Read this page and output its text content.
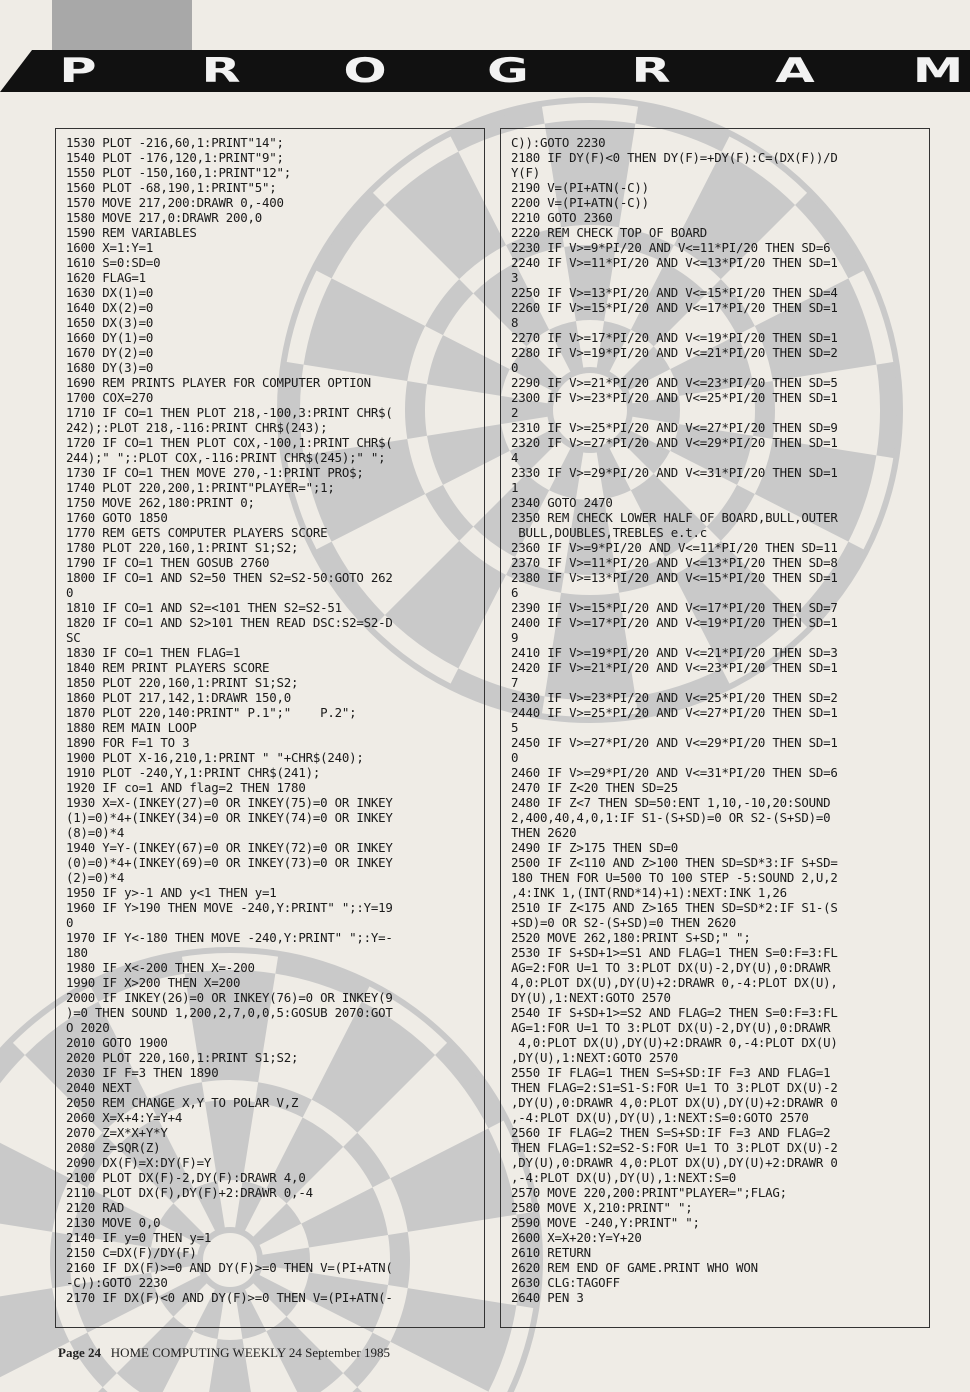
P	R	O	G	R	A	M
1530 PLOT -216,60,1:PRINT"14";
1540 PLOT -176,120,1:PRINT"9";
1550 PLOT -150,160,1:PRINT"12";
1560 PLOT -68,190,1:PRINT"5";
1570 MOVE 217,200:DRAWR 0,-400
1580 MOVE 217,0:DRAWR 200,0
1590 REM VARIABLES
1600 X=1:Y=1
1610 S=0:SD=0
1620 FLAG=1
1630 DX(1)=0
1640 DX(2)=0
1650 DX(3)=0
1660 DY(1)=0
1670 DY(2)=0
1680 DY(3)=0
1690 REM PRINTS PLAYER FOR COMPUTER OPTION
1700 COX=270
1710 IF CO=1 THEN PLOT 218,-100,3:PRINT CHR$(
242);:PLOT 218,-116:PRINT CHR$(243);
1720 IF CO=1 THEN PLOT COX,-100,1:PRINT CHR$(
244);" ";:PLOT COX,-116:PRINT CHR$(245);" ";
1730 IF CO=1 THEN MOVE 270,-1:PRINT PRO$;
1740 PLOT 220,200,1:PRINT"PLAYER=";1;
1750 MOVE 262,180:PRINT 0;
1760 GOTO 1850
1770 REM GETS COMPUTER PLAYERS SCORE
1780 PLOT 220,160,1:PRINT S1;S2;
1790 IF CO=1 THEN GOSUB 2760
1800 IF CO=1 AND S2=50 THEN S2=S2-50:GOTO 262
0
1810 IF CO=1 AND S2=<101 THEN S2=S2-51
1820 IF CO=1 AND S2>101 THEN READ DSC:S2=S2-D
SC
1830 IF CO=1 THEN FLAG=1
1840 REM PRINT PLAYERS SCORE
1850 PLOT 220,160,1:PRINT S1;S2;
1860 PLOT 217,142,1:DRAWR 150,0
1870 PLOT 220,140:PRINT" P.1";"    P.2";
1880 REM MAIN LOOP
1890 FOR F=1 TO 3
1900 PLOT X-16,210,1:PRINT " "+CHR$(240);
1910 PLOT -240,Y,1:PRINT CHR$(241);
1920 IF co=1 AND flag=2 THEN 1780
1930 X=X-(INKEY(27)=0 OR INKEY(75)=0 OR INKEY
(1)=0)*4+(INKEY(34)=0 OR INKEY(74)=0 OR INKEY
(8)=0)*4
1940 Y=Y-(INKEY(67)=0 OR INKEY(72)=0 OR INKEY
(0)=0)*4+(INKEY(69)=0 OR INKEY(73)=0 OR INKEY
(2)=0)*4
1950 IF y>-1 AND y<1 THEN y=1
1960 IF Y>190 THEN MOVE -240,Y:PRINT" ";:Y=19
0
1970 IF Y<-180 THEN MOVE -240,Y:PRINT" ";:Y=-
180
1980 IF X<-200 THEN X=-200
1990 IF X>200 THEN X=200
2000 IF INKEY(26)=0 OR INKEY(76)=0 OR INKEY(9
)=0 THEN SOUND 1,200,2,7,0,0,5:GOSUB 2070:GOT
O 2020
2010 GOTO 1900
2020 PLOT 220,160,1:PRINT S1;S2;
2030 IF F=3 THEN 1890
2040 NEXT
2050 REM CHANGE X,Y TO POLAR V,Z
2060 X=X+4:Y=Y+4
2070 Z=X*X+Y*Y
2080 Z=SQR(Z)
2090 DX(F)=X:DY(F)=Y
2100 PLOT DX(F)-2,DY(F):DRAWR 4,0
2110 PLOT DX(F),DY(F)+2:DRAWR 0,-4
2120 RAD
2130 MOVE 0,0
2140 IF y=0 THEN y=1
2150 C=DX(F)/DY(F)
2160 IF DX(F)>=0 AND DY(F)>=0 THEN V=(PI+ATN(
-C)):GOTO 2230
2170 IF DX(F)<0 AND DY(F)>=0 THEN V=(PI+ATN(-
C)):GOTO 2230
2180 IF DY(F)<0 THEN DY(F)=+DY(F):C=(DX(F))/D
Y(F)
2190 V=(PI+ATN(-C))
2200 V=(PI+ATN(-C))
2210 GOTO 2360
2220 REM CHECK TOP OF BOARD
2230 IF V>=9*PI/20 AND V<=11*PI/20 THEN SD=6
2240 IF V>=11*PI/20 AND V<=13*PI/20 THEN SD=1
3
2250 IF V>=13*PI/20 AND V<=15*PI/20 THEN SD=4
2260 IF V>=15*PI/20 AND V<=17*PI/20 THEN SD=1
8
2270 IF V>=17*PI/20 AND V<=19*PI/20 THEN SD=1
2280 IF V>=19*PI/20 AND V<=21*PI/20 THEN SD=2
0
2290 IF V>=21*PI/20 AND V<=23*PI/20 THEN SD=5
2300 IF V>=23*PI/20 AND V<=25*PI/20 THEN SD=1
2
2310 IF V>=25*PI/20 AND V<=27*PI/20 THEN SD=9
2320 IF V>=27*PI/20 AND V<=29*PI/20 THEN SD=1
4
2330 IF V>=29*PI/20 AND V<=31*PI/20 THEN SD=1
1
2340 GOTO 2470
2350 REM CHECK LOWER HALF OF BOARD,BULL,OUTER
BULL,DOUBLES,TREBLES e.t.c
2360 IF V>=9*PI/20 AND V<=11*PI/20 THEN SD=11
2370 IF V>=11*PI/20 AND V<=13*PI/20 THEN SD=8
2380 IF V>=13*PI/20 AND V<=15*PI/20 THEN SD=1
6
2390 IF V>=15*PI/20 AND V<=17*PI/20 THEN SD=7
2400 IF V>=17*PI/20 AND V<=19*PI/20 THEN SD=1
9
2410 IF V>=19*PI/20 AND V<=21*PI/20 THEN SD=3
2420 IF V>=21*PI/20 AND V<=23*PI/20 THEN SD=1
7
2430 IF V>=23*PI/20 AND V<=25*PI/20 THEN SD=2
2440 IF V>=25*PI/20 AND V<=27*PI/20 THEN SD=1
5
2450 IF V>=27*PI/20 AND V<=29*PI/20 THEN SD=1
0
2460 IF V>=29*PI/20 AND V<=31*PI/20 THEN SD=6
2470 IF Z<20 THEN SD=25
2480 IF Z<7 THEN SD=50:ENT 1,10,-10,20:SOUND
2,400,40,4,0,1:IF S1-(S+SD)=0 OR S2-(S+SD)=0
THEN 2620
2490 IF Z>175 THEN SD=0
2500 IF Z<110 AND Z>100 THEN SD=SD*3:IF S+SD=
180 THEN FOR U=500 TO 100 STEP -5:SOUND 2,U,2
,4:INK 1,(INT(RND*14)+1):NEXT:INK 1,26
2510 IF Z<175 AND Z>165 THEN SD=SD*2:IF S1-(S
+SD)=0 OR S2-(S+SD)=0 THEN 2620
2520 MOVE 262,180:PRINT S+SD;" ";
2530 IF S+SD+1>=S1 AND FLAG=1 THEN S=0:F=3:FL
AG=2:FOR U=1 TO 3:PLOT DX(U)-2,DY(U),0:DRAWR
4,0:PLOT DX(U),DY(U)+2:DRAWR 0,-4:PLOT DX(U),
DY(U),1:NEXT:GOTO 2570
2540 IF S+SD+1>=S2 AND FLAG=2 THEN S=0:F=3:FL
AG=1:FOR U=1 TO 3:PLOT DX(U)-2,DY(U),0:DRAWR
4,0:PLOT DX(U),DY(U)+2:DRAWR 0,-4:PLOT DX(U)
,DY(U),1:NEXT:GOTO 2570
2550 IF FLAG=1 THEN S=S+SD:IF F=3 AND FLAG=1
THEN FLAG=2:S1=S1-S:FOR U=1 TO 3:PLOT DX(U)-2
,DY(U),0:DRAWR 4,0:PLOT DX(U),DY(U)+2:DRAWR 0
,-4:PLOT DX(U),DY(U),1:NEXT:S=0:GOTO 2570
2560 IF FLAG=2 THEN S=S+SD:IF F=3 AND FLAG=2
THEN FLAG=1:S2=S2-S:FOR U=1 TO 3:PLOT DX(U)-2
,DY(U),0:DRAWR 4,0:PLOT DX(U),DY(U)+2:DRAWR 0
,-4:PLOT DX(U),DY(U),1:NEXT:S=0
2570 MOVE 220,200:PRINT"PLAYER=";FLAG;
2580 MOVE X,210:PRINT" ";
2590 MOVE -240,Y:PRINT" ";
2600 X=X+20:Y=Y+20
2610 RETURN
2620 REM END OF GAME.PRINT WHO WON
2630 CLG:TAGOFF
2640 PEN 3
Page 24 HOME COMPUTING WEEKLY 24 September 1985
